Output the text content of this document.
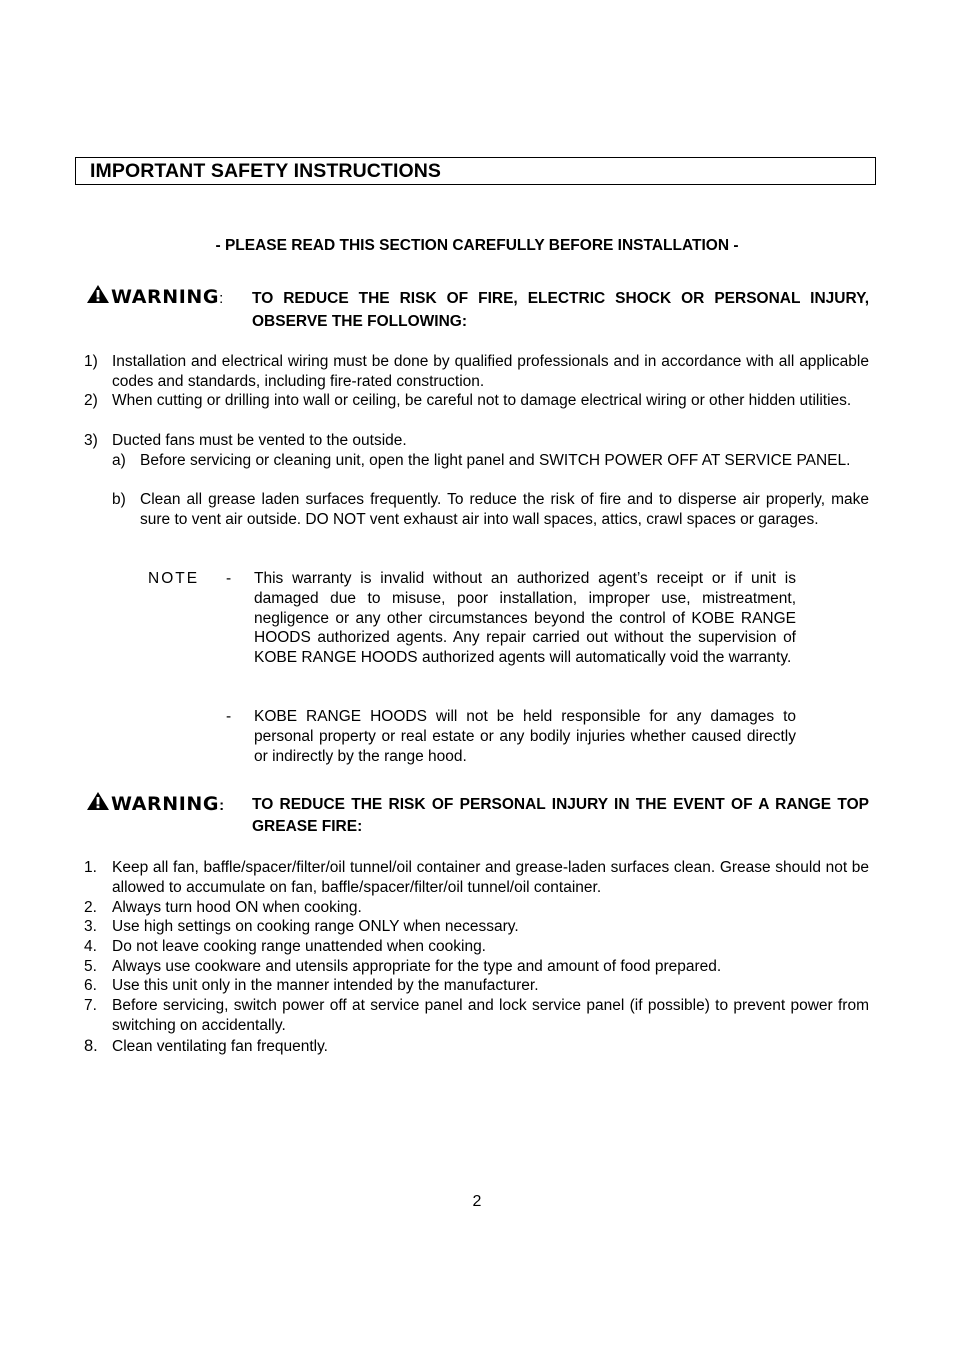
IMPORTANT SAFETY INSTRUCTIONS
- PLEASE READ THIS SECTION CAREFULLY BEFORE INSTALLATION -
WARNING: TO REDUCE THE RISK OF FIRE, ELECTRIC SHOCK OR PERSONAL INJURY, OBSERVE THE FOLLOWING:
1) Installation and electrical wiring must be done by qualified professionals and in accordance with all applicable codes and standards, including fire-rated construction.
2) When cutting or drilling into wall or ceiling, be careful not to damage electrical wiring or other hidden utilities.
3) Ducted fans must be vented to the outside.
a) Before servicing or cleaning unit, open the light panel and SWITCH POWER OFF AT SERVICE PANEL.
b) Clean all grease laden surfaces frequently. To reduce the risk of fire and to disperse air properly, make sure to vent air outside. DO NOT vent exhaust air into wall spaces, attics, crawl spaces or garages.
NOTE - This warranty is invalid without an authorized agent’s receipt or if unit is damaged due to misuse, poor installation, improper use, mistreatment, negligence or any other circumstances beyond the control of KOBE RANGE HOODS authorized agents. Any repair carried out without the supervision of KOBE RANGE HOODS authorized agents will automatically void the warranty.
- KOBE RANGE HOODS will not be held responsible for any damages to personal property or real estate or any bodily injuries whether caused directly or indirectly by the range hood.
WARNING: TO REDUCE THE RISK OF PERSONAL INJURY IN THE EVENT OF A RANGE TOP GREASE FIRE:
1. Keep all fan, baffle/spacer/filter/oil tunnel/oil container and grease-laden surfaces clean. Grease should not be allowed to accumulate on fan, baffle/spacer/filter/oil tunnel/oil container.
2. Always turn hood ON when cooking.
3. Use high settings on cooking range ONLY when necessary.
4. Do not leave cooking range unattended when cooking.
5. Always use cookware and utensils appropriate for the type and amount of food prepared.
6. Use this unit only in the manner intended by the manufacturer.
7. Before servicing, switch power off at service panel and lock service panel (if possible) to prevent power from switching on accidentally.
8. Clean ventilating fan frequently.
2
